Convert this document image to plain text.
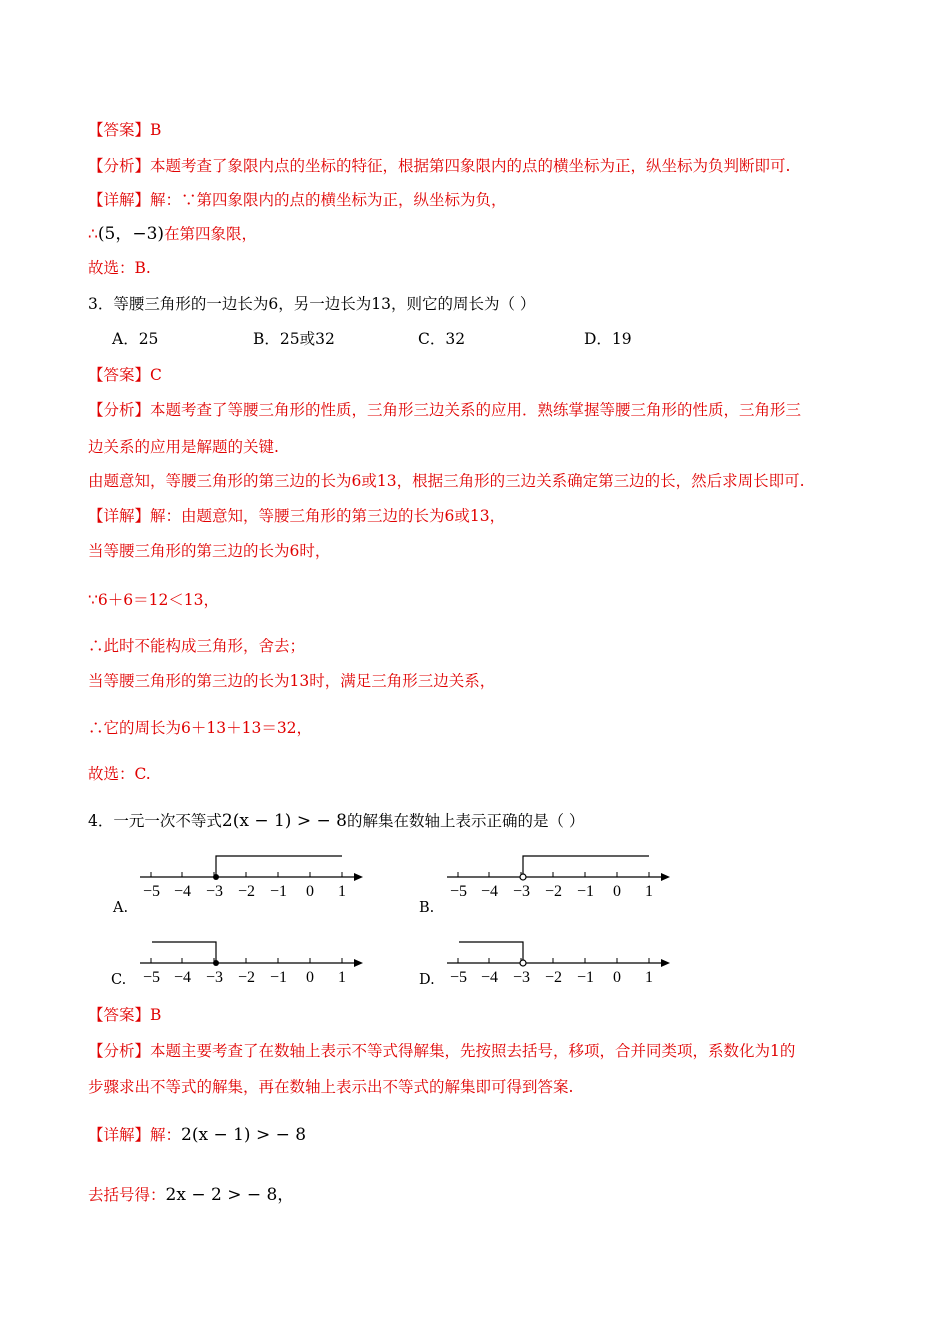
【答案】B
【分析】本题考查了象限内点的坐标的特征，根据第四象限内的点的横坐标为正，纵坐标为负判断即可.
【详解】解：∵第四象限内的点的横坐标为正，纵坐标为负，
∴(5，−3)在第四象限，
故选：B.
3．等腰三角形的一边长为6，另一边长为13，则它的周长为（ ）
A．25	B．25或32	C．32	D．19
【答案】C
【分析】本题考查了等腰三角形的性质，三角形三边关系的应用．熟练掌握等腰三角形的性质，三角形三
边关系的应用是解题的关键.
由题意知，等腰三角形的第三边的长为6或13，根据三角形的三边关系确定第三边的长，然后求周长即可.
【详解】解：由题意知，等腰三角形的第三边的长为6或13，
当等腰三角形的第三边的长为6时，
∵6＋6＝12＜13，
∴此时不能构成三角形，舍去；
当等腰三角形的第三边的长为13时，满足三角形三边关系，
∴它的周长为6＋13＋13＝32，
故选：C.
4．一元一次不等式2(x − 1) > − 8的解集在数轴上表示正确的是（ ）
−5 −4 −3 −2 −1 0 1
A.
−5 −4 −3 −2 −1 0 1
B.
−5 −4 −3 −2 −1 0 1
C.	−5 −4 −3 −2 −1 0 1
D.
【答案】B
【分析】本题主要考查了在数轴上表示不等式得解集，先按照去括号，移项，合并同类项，系数化为1的
步骤求出不等式的解集，再在数轴上表示出不等式的解集即可得到答案.
【详解】解：2(x − 1) > − 8
去括号得：2x − 2 > − 8，
